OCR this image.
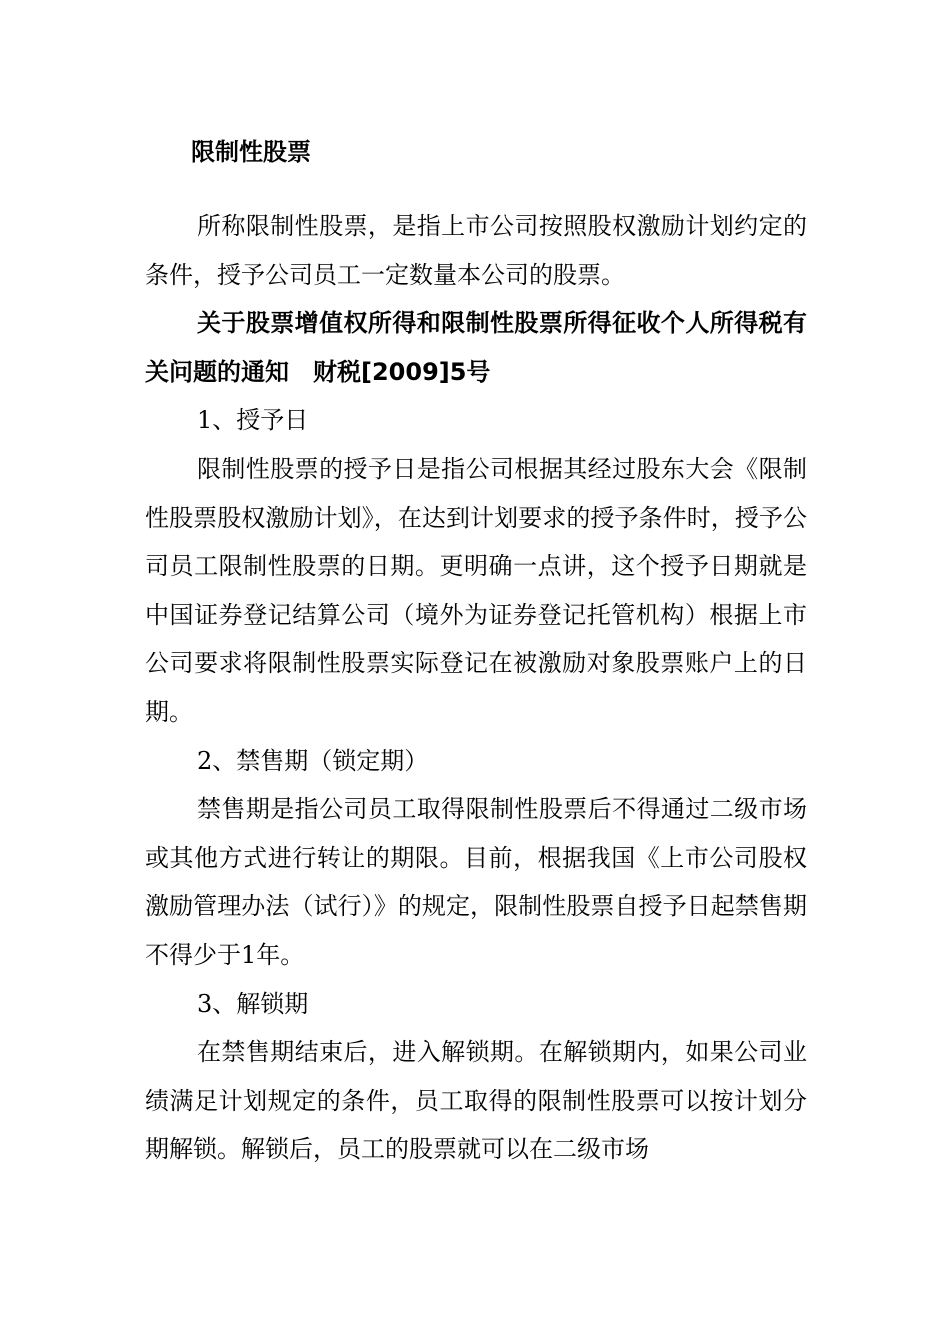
限制性股票

所称限制性股票，是指上市公司按照股权激励计划约定的条件，授予公司员工一定数量本公司的股票。

关于股票增值权所得和限制性股票所得征收个人所得税有关问题的通知　财税[2009]5号

1、授予日

限制性股票的授予日是指公司根据其经过股东大会《限制性股票股权激励计划》，在达到计划要求的授予条件时，授予公司员工限制性股票的日期。更明确一点讲，这个授予日期就是中国证券登记结算公司（境外为证券登记托管机构）根据上市公司要求将限制性股票实际登记在被激励对象股票账户上的日期。

2、禁售期（锁定期）

禁售期是指公司员工取得限制性股票后不得通过二级市场或其他方式进行转让的期限。目前，根据我国《上市公司股权激励管理办法（试行）》的规定，限制性股票自授予日起禁售期不得少于1年。

3、解锁期

在禁售期结束后，进入解锁期。在解锁期内，如果公司业绩满足计划规定的条件，员工取得的限制性股票可以按计划分期解锁。解锁后，员工的股票就可以在二级市场
